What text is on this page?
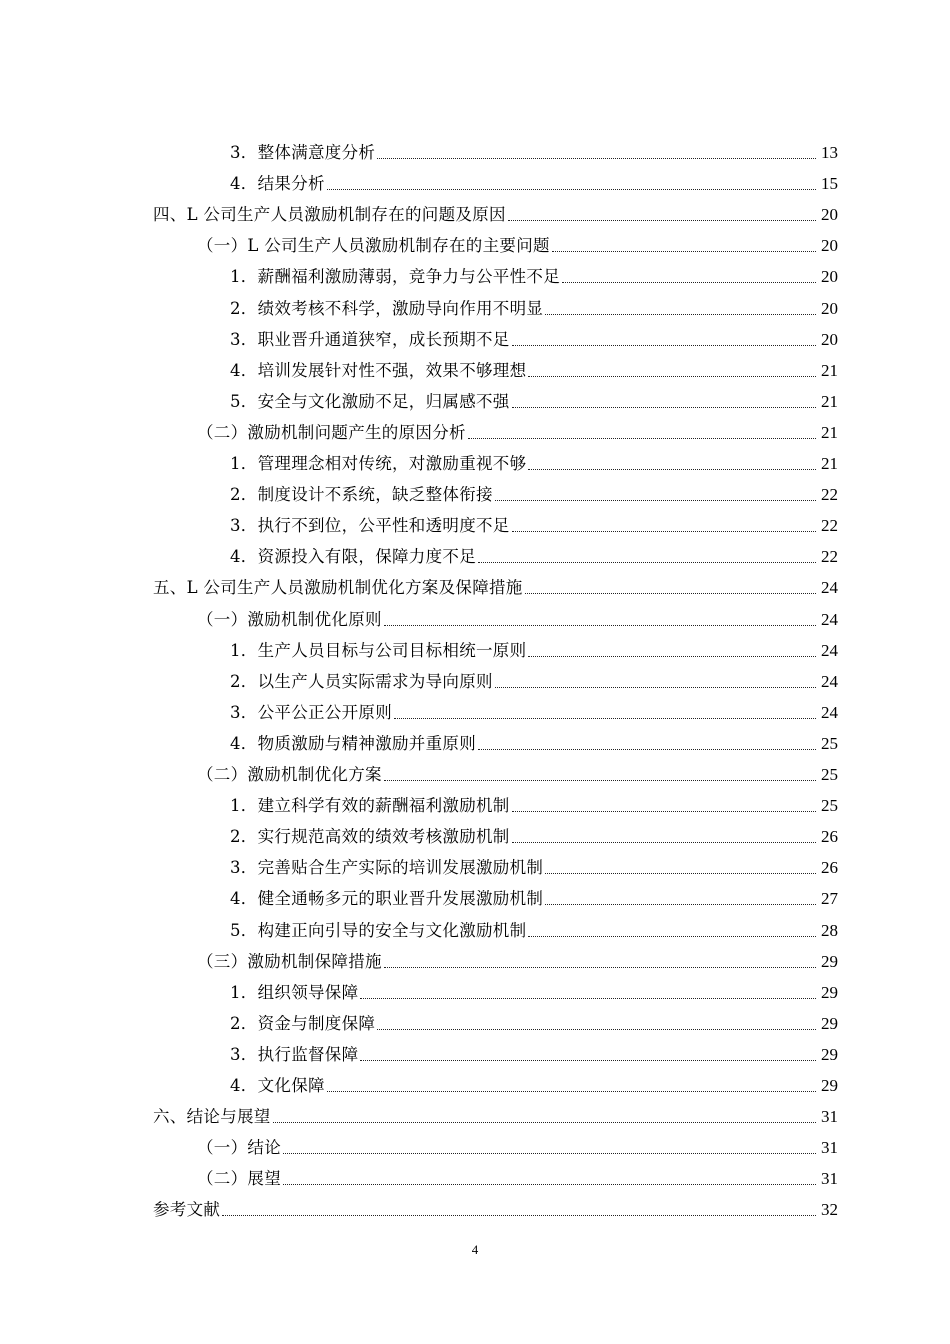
3．整体满意度分析	13
4．结果分析	15
四、L 公司生产人员激励机制存在的问题及原因	20
（一）L 公司生产人员激励机制存在的主要问题	20
1．薪酬福利激励薄弱，竞争力与公平性不足	20
2．绩效考核不科学，激励导向作用不明显	20
3．职业晋升通道狭窄，成长预期不足	20
4．培训发展针对性不强，效果不够理想	21
5．安全与文化激励不足，归属感不强	21
（二）激励机制问题产生的原因分析	21
1．管理理念相对传统，对激励重视不够	21
2．制度设计不系统，缺乏整体衔接	22
3．执行不到位，公平性和透明度不足	22
4．资源投入有限，保障力度不足	22
五、L 公司生产人员激励机制优化方案及保障措施	24
（一）激励机制优化原则	24
1．生产人员目标与公司目标相统一原则	24
2．以生产人员实际需求为导向原则	24
3．公平公正公开原则	24
4．物质激励与精神激励并重原则	25
（二）激励机制优化方案	25
1．建立科学有效的薪酬福利激励机制	25
2．实行规范高效的绩效考核激励机制	26
3．完善贴合生产实际的培训发展激励机制	26
4．健全通畅多元的职业晋升发展激励机制	27
5．构建正向引导的安全与文化激励机制	28
（三）激励机制保障措施	29
1．组织领导保障	29
2．资金与制度保障	29
3．执行监督保障	29
4．文化保障	29
六、结论与展望	31
（一）结论	31
（二）展望	31
参考文献	32
4
